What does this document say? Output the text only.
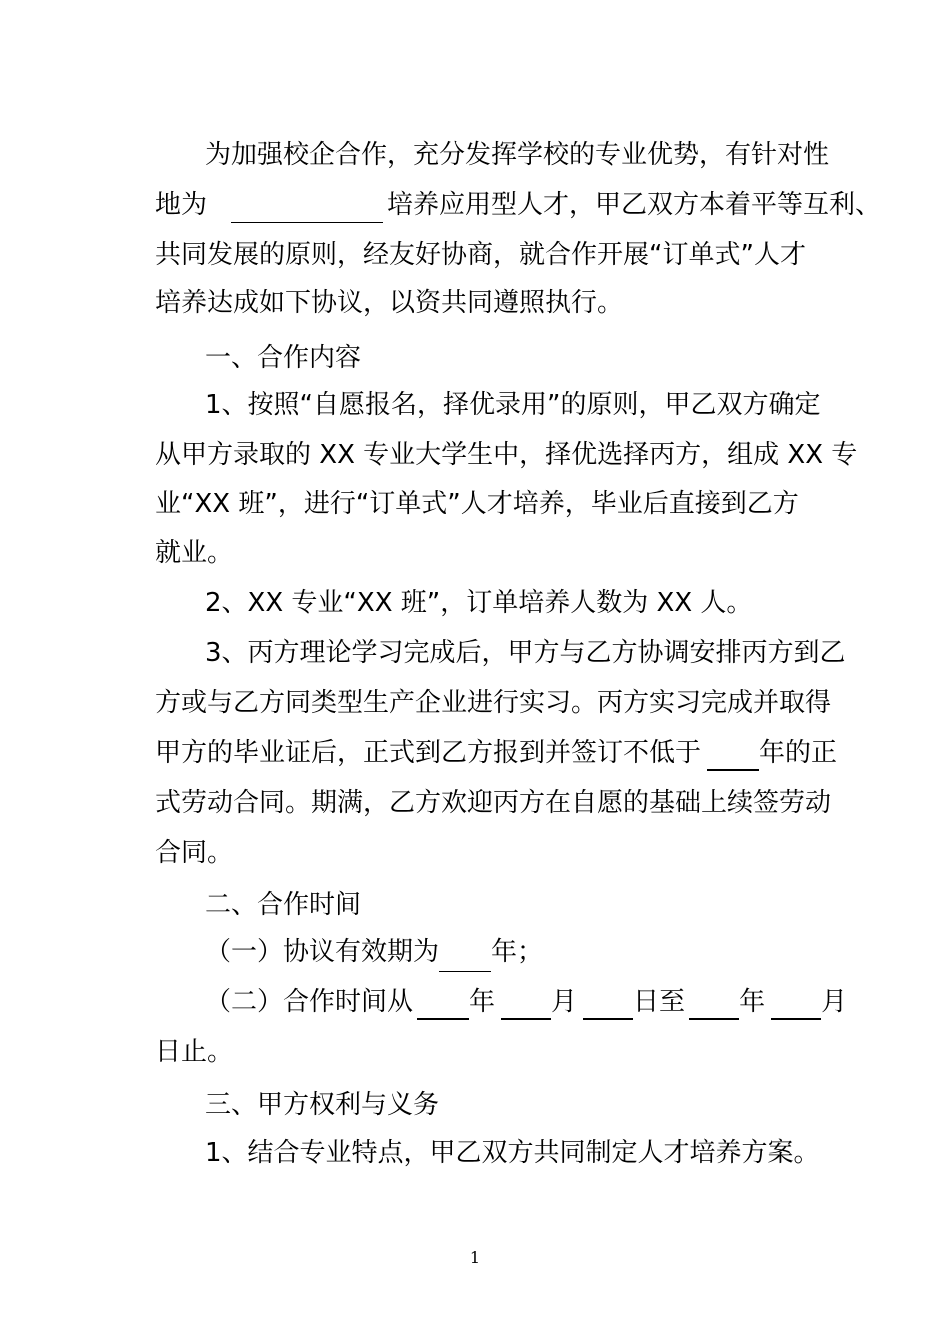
为加强校企合作，充分发挥学校的专业优势，有针对性
地为	培养应用型人才，甲乙双方本着平等互利、
共同发展的原则，经友好协商，就合作开展“订单式”人才
培养达成如下协议，以资共同遵照执行。
一、合作内容
1、按照“自愿报名，择优录用”的原则，甲乙双方确定
从甲方录取的 XX 专业大学生中，择优选择丙方，组成 XX 专
业“XX 班”，进行“订单式”人才培养，毕业后直接到乙方
就业。
2、XX 专业“XX 班”，订单培养人数为 XX 人。
3、丙方理论学习完成后，甲方与乙方协调安排丙方到乙
方或与乙方同类型生产企业进行实习。丙方实习完成并取得
甲方的毕业证后，正式到乙方报到并签订不低于 年的正
式劳动合同。期满，乙方欢迎丙方在自愿的基础上续签劳动
合同。
二、合作时间
（一）协议有效期为 年；
（二）合作时间从 年 月 日至 年 月
日止。
三、甲方权利与义务
1、结合专业特点，甲乙双方共同制定人才培养方案。
1
